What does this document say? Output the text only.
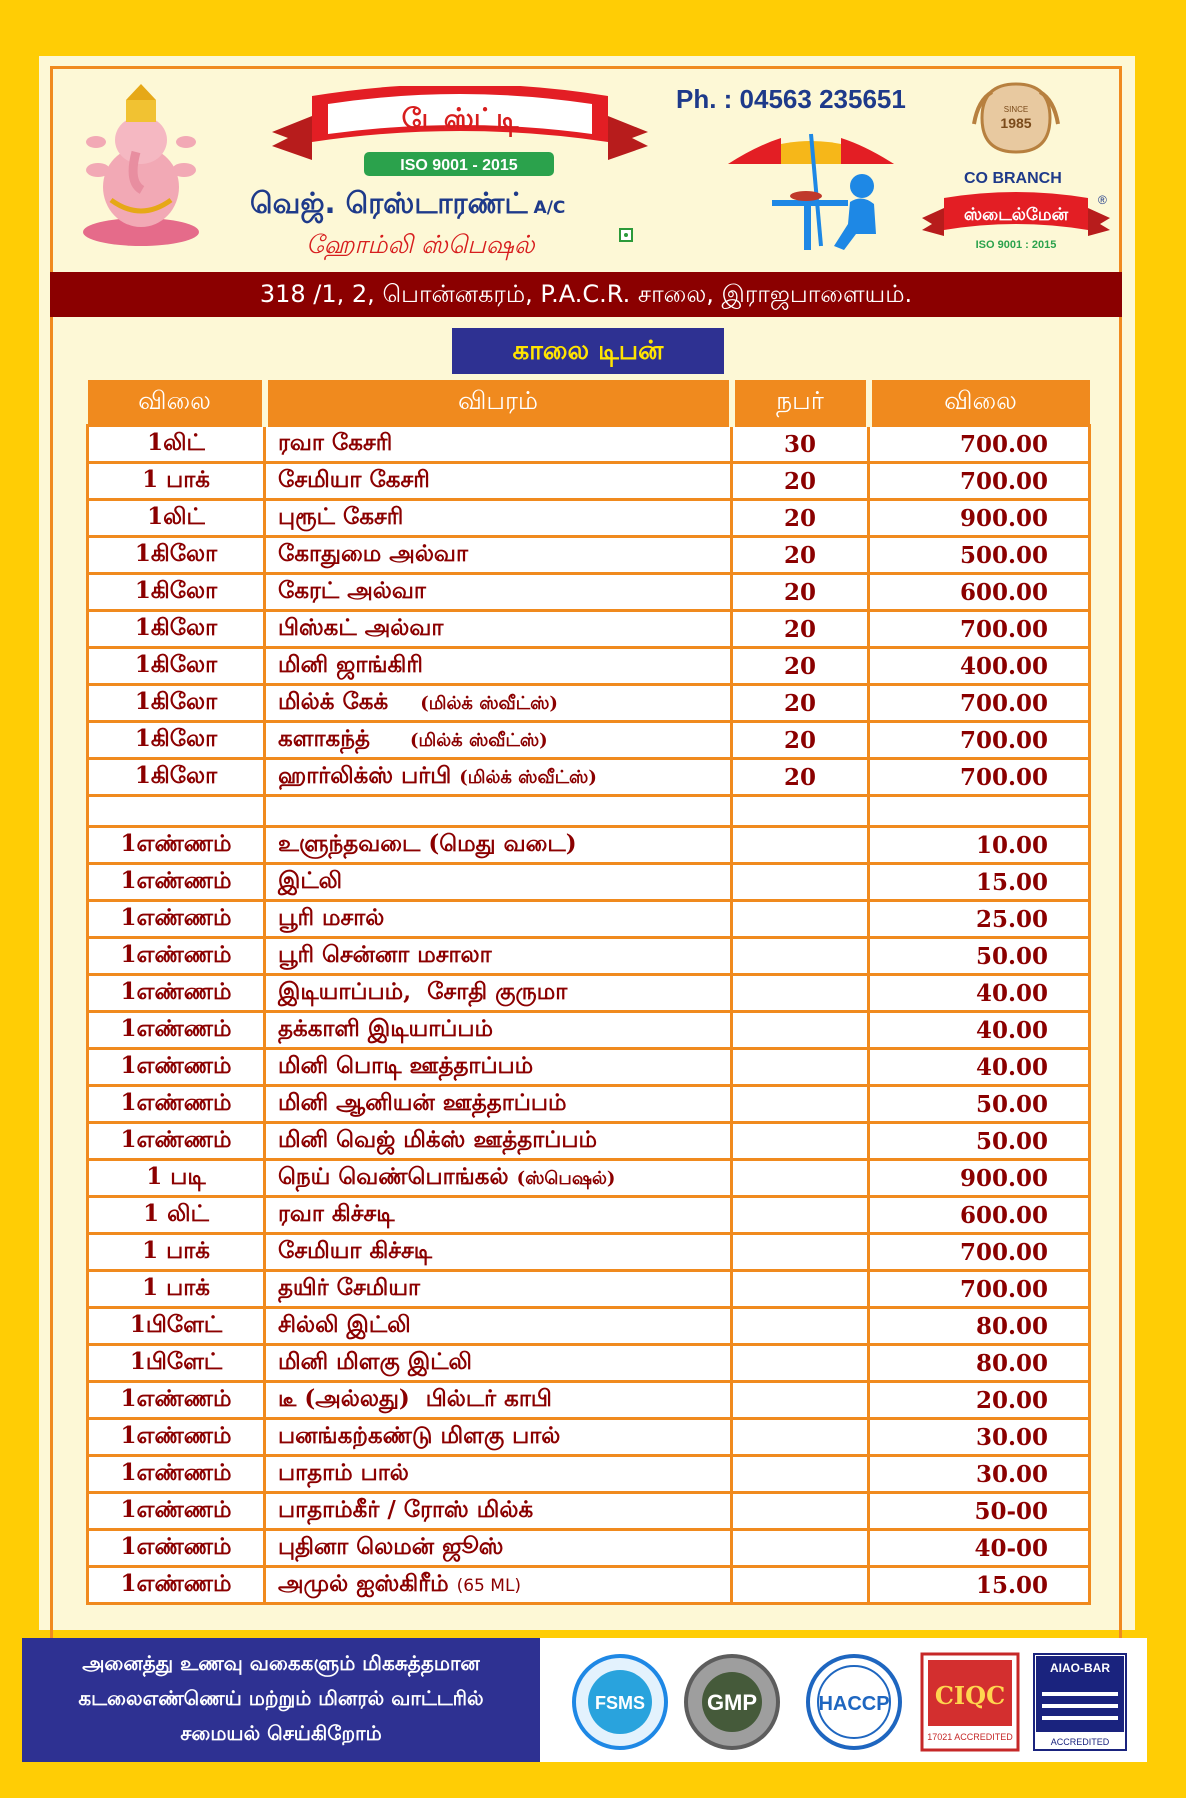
டேஸ்ட்டி
ISO 9001 - 2015
வெஜ். ரெஸ்டாரண்ட் A/C
ஹோம்லி ஸ்பெஷல்
Ph. : 04563 235651	SINCE
1985
CO BRANCH
ஸ்டைல்மேன்
®
ISO 9001 : 2015
318 /1, 2, பொன்னகரம், P.A.C.R. சாலை, இராஜபாளையம்.
காலை டிபன்
விலை	விபரம்	நபர்	விலை
1லிட்	ரவா கேசரி	30	700.00
1 பாக்	சேமியா கேசரி	20	700.00
1லிட்	புரூட் கேசரி	20	900.00
1கிலோ	கோதுமை அல்வா	20	500.00
1கிலோ	கேரட் அல்வா	20	600.00
1கிலோ	பிஸ்கட் அல்வா	20	700.00
1கிலோ	மினி ஜாங்கிரி	20	400.00
1கிலோ	மில்க் கேக்    (மில்க் ஸ்வீட்ஸ்)	20	700.00
1கிலோ	களாகந்த்     (மில்க் ஸ்வீட்ஸ்)	20	700.00
1கிலோ	ஹார்லிக்ஸ் பர்பி (மில்க் ஸ்வீட்ஸ்)	20	700.00

1எண்ணம்	உளுந்தவடை (மெது வடை)		10.00
1எண்ணம்	இட்லி		15.00
1எண்ணம்	பூரி மசால்		25.00
1எண்ணம்	பூரி சென்னா மசாலா		50.00
1எண்ணம்	இடியாப்பம்,  சோதி குருமா		40.00
1எண்ணம்	தக்காளி இடியாப்பம்		40.00
1எண்ணம்	மினி பொடி ஊத்தாப்பம்		40.00
1எண்ணம்	மினி ஆனியன் ஊத்தாப்பம்		50.00
1எண்ணம்	மினி வெஜ் மிக்ஸ் ஊத்தாப்பம்		50.00
1 படி	நெய் வெண்பொங்கல் (ஸ்பெஷல்)		900.00
1 லிட்	ரவா கிச்சடி		600.00
1 பாக்	சேமியா கிச்சடி		700.00
1 பாக்	தயிர் சேமியா		700.00
1பிளேட்	சில்லி இட்லி		80.00
1பிளேட்	மினி மிளகு இட்லி		80.00
1எண்ணம்	டீ (அல்லது)  பில்டர் காபி		20.00
1எண்ணம்	பனங்கற்கண்டு மிளகு பால்		30.00
1எண்ணம்	பாதாம் பால்		30.00
1எண்ணம்	பாதாம்கீர் / ரோஸ் மில்க்		50-00
1எண்ணம்	புதினா லெமன் ஜூஸ்		40-00
1எண்ணம்	அமுல் ஐஸ்கிரீம் (65 ML)		15.00
அனைத்து உணவு வகைகளும் மிகசுத்தமான
கடலைஎண்ணெய் மற்றும் மினரல் வாட்டரில்
சமையல் செய்கிறோம்
FSMS	GMP	HACCP CIQC
17021 ACCREDITED
AIAO-BAR
ACCREDITED
